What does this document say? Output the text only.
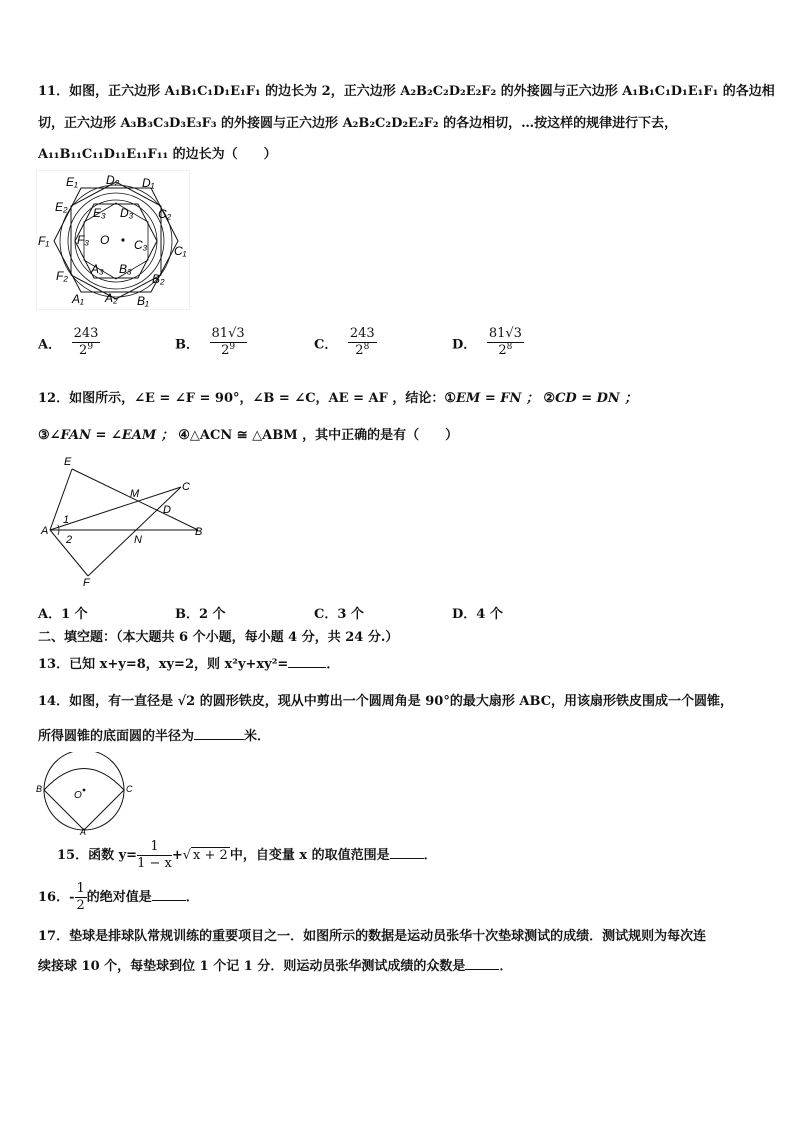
11．如图，正六边形 A₁B₁C₁D₁E₁F₁ 的边长为 2，正六边形 A₂B₂C₂D₂E₂F₂ 的外接圆与正六边形 A₁B₁C₁D₁E₁F₁ 的各边相
切，正六边形 A₃B₃C₃D₃E₃F₃ 的外接圆与正六边形 A₂B₂C₂D₂E₂F₂ 的各边相切，…按这样的规律进行下去，
A₁₁B₁₁C₁₁D₁₁E₁₁F₁₁ 的边长为（　　）
E₁ D₂ D₁
E₂ E₃ D₃ C₂
F₁ F₃ O C₃ C₁
F₂ A₃ B₃
B₂
A₁ A₂ B₁
A． $\frac{243}{2^9}$	B． $\frac{81√3}{2^9}$	C． $\frac{243}{2^8}$	D． $\frac{81√3}{2^8}$
12．如图所示，∠E = ∠F = 90°，∠B = ∠C，AE = AF ，结论：①EM = FN ； ②CD = DN ；
③∠FAN = ∠EAM ； ④△ACN ≅ △ABM ，其中正确的是有（　　）
E
M
C
D
A
1
2	N
B
F
A．1 个	B．2 个	C．3 个	D．4 个
二、填空题：（本大题共 6 个小题，每小题 4 分，共 24 分.）
13．已知 x+y=8，xy=2，则 x²y+xy²=	．
14．如图，有一直径是 √2 的圆形铁皮，现从中剪出一个圆周角是 90°的最大扇形 ABC，用该扇形铁皮围成一个圆锥，
所得圆锥的底面圆的半径为	米．
B
O
C
A
15．函数 $y= \frac{1}{1 - x}$ +√ x + 2 中，自变量 x 的取值范围是	．
16．- $\frac{1}{2}$ 的绝对值是	．
17．垫球是排球队常规训练的重要项目之一．如图所示的数据是运动员张华十次垫球测试的成绩．测试规则为每次连
续接球 10 个，每垫球到位 1 个记 1 分．则运动员张华测试成绩的众数是	．
